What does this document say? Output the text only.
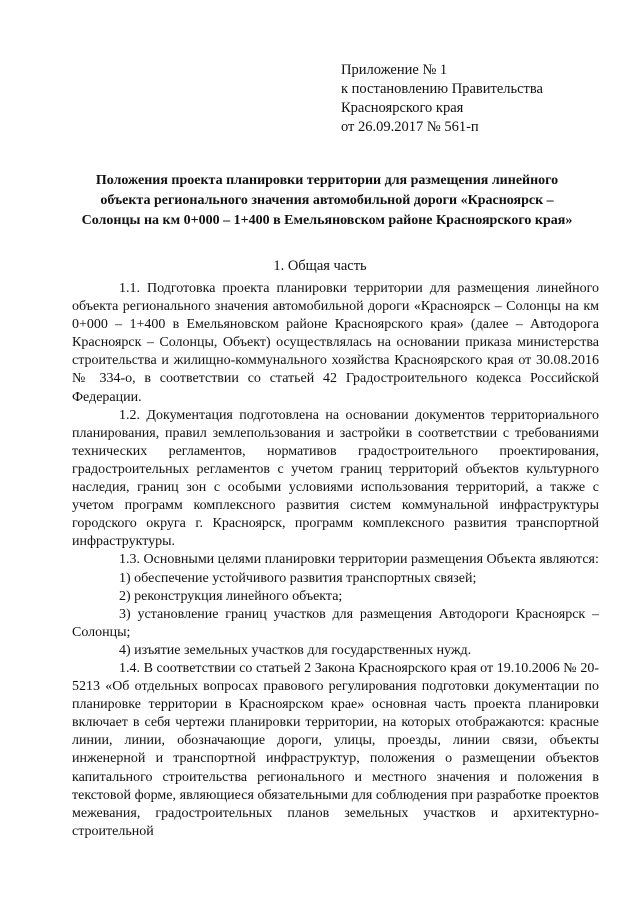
Приложение № 1
к постановлению Правительства
Красноярского края
от 26.09.2017 № 561-п
Положения проекта планировки территории для размещения линейного объекта регионального значения автомобильной дороги «Красноярск – Солонцы на км 0+000 – 1+400 в Емельяновском районе Красноярского края»
1. Общая часть

1.1. Подготовка проекта планировки территории для размещения линейного объекта регионального значения автомобильной дороги «Красноярск – Солонцы на км 0+000 – 1+400 в Емельяновском районе Красноярского края» (далее – Автодорога Красноярск – Солонцы, Объект) осуществлялась на основании приказа министерства строительства и жилищно-коммунального хозяйства Красноярского края от 30.08.2016 № 334-о, в соответствии со статьей 42 Градостроительного кодекса Российской Федерации.

1.2. Документация подготовлена на основании документов территориального планирования, правил землепользования и застройки в соответствии с требованиями технических регламентов, нормативов градостроительного проектирования, градостроительных регламентов с учетом границ территорий объектов культурного наследия, границ зон с особыми условиями использования территорий, а также с учетом программ комплексного развития систем коммунальной инфраструктуры городского округа г. Красноярск, программ комплексного развития транспортной инфраструктуры.

1.3. Основными целями планировки территории размещения Объекта являются:

1) обеспечение устойчивого развития транспортных связей;

2) реконструкция линейного объекта;

3) установление границ участков для размещения Автодороги Красноярск – Солонцы;

4) изъятие земельных участков для государственных нужд.

1.4. В соответствии со статьей 2 Закона Красноярского края от 19.10.2006 № 20-5213 «Об отдельных вопросах правового регулирования подготовки документации по планировке территории в Красноярском крае» основная часть проекта планировки включает в себя чертежи планировки территории, на которых отображаются: красные линии, линии, обозначающие дороги, улицы, проезды, линии связи, объекты инженерной и транспортной инфраструктур, положения о размещении объектов капитального строительства регионального и местного значения и положения в текстовой форме, являющиеся обязательными для соблюдения при разработке проектов межевания, градостроительных планов земельных участков и архитектурно-строительной
